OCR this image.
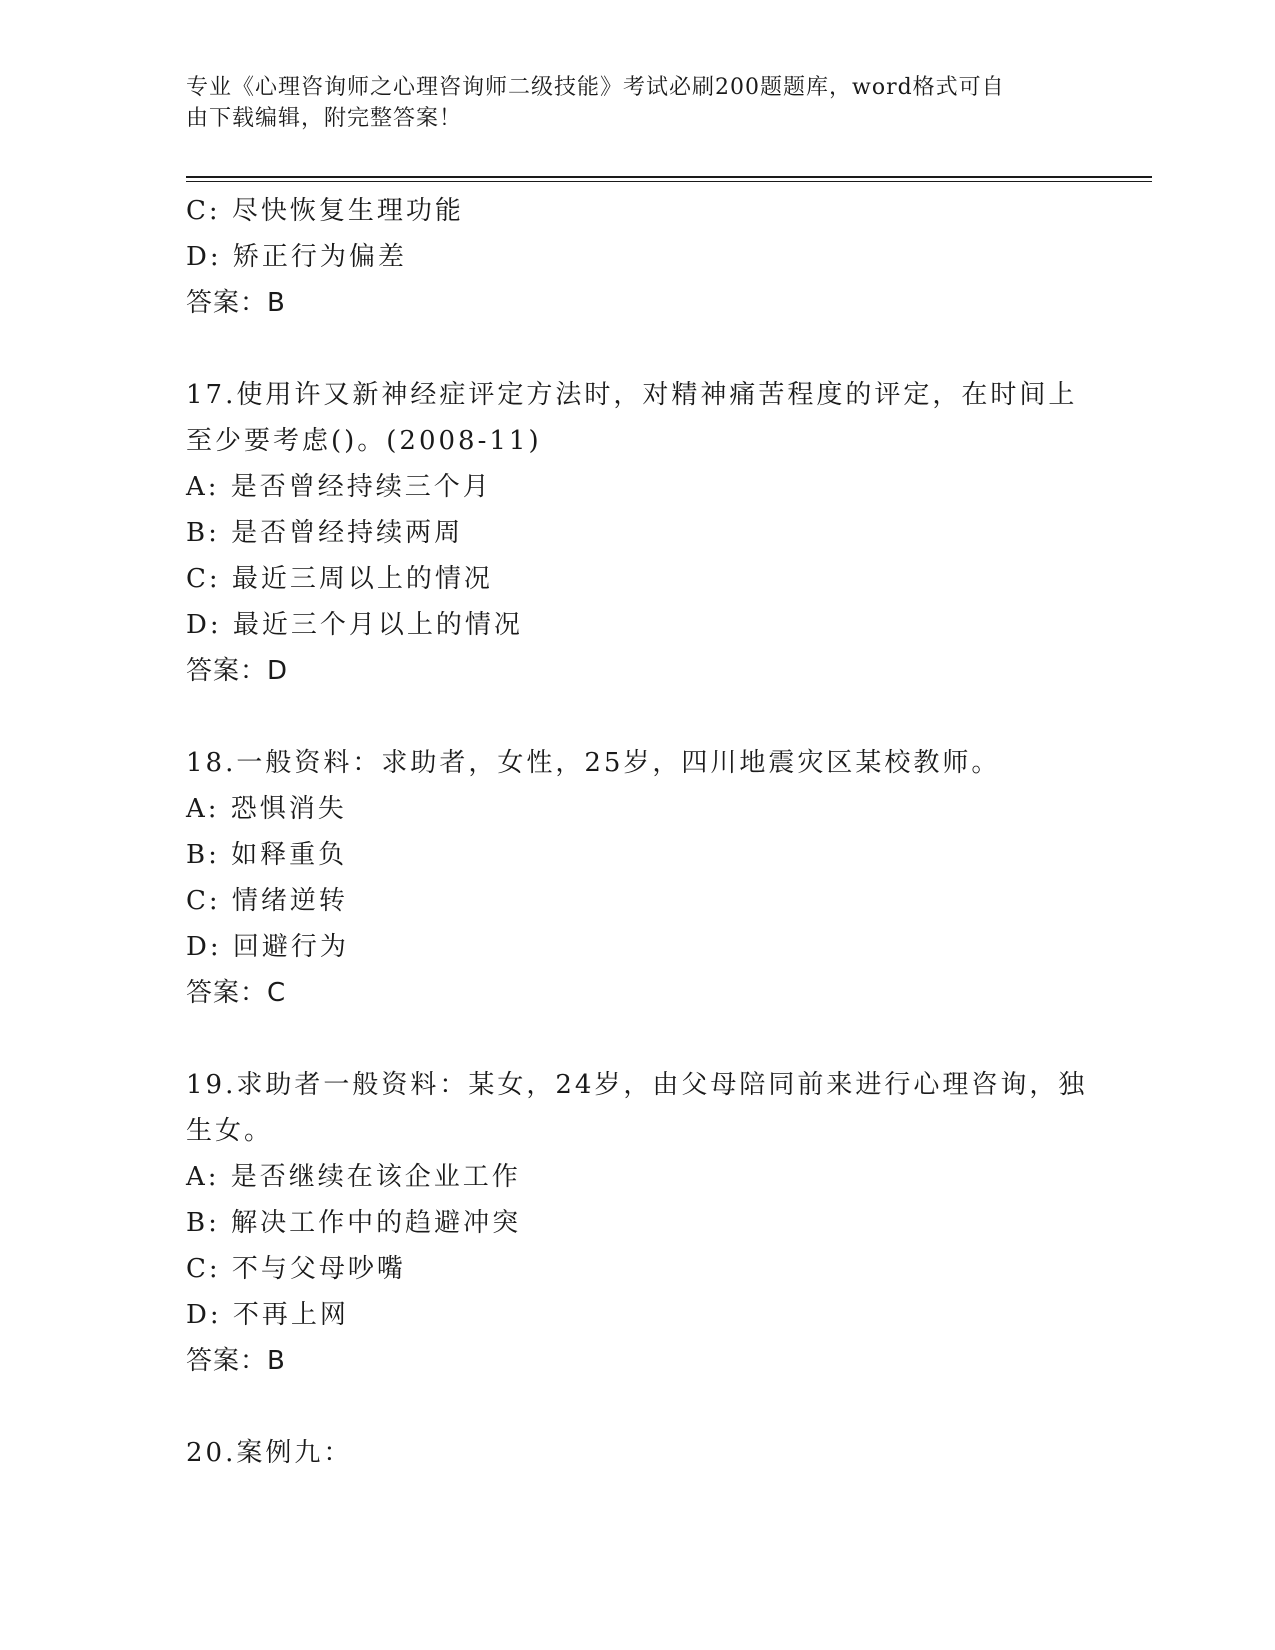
专业《心理咨询师之心理咨询师二级技能》考试必刷200题题库，word格式可自
由下载编辑，附完整答案！
C: 尽快恢复生理功能
D: 矫正行为偏差
答案：B
17.使用许又新神经症评定方法时，对精神痛苦程度的评定，在时间上
至少要考虑()。(2008-11)
A: 是否曾经持续三个月
B: 是否曾经持续两周
C: 最近三周以上的情况
D: 最近三个月以上的情况
答案：D
18.一般资料：求助者，女性，25岁，四川地震灾区某校教师。
A: 恐惧消失
B: 如释重负
C: 情绪逆转
D: 回避行为
答案：C
19.求助者一般资料：某女，24岁，由父母陪同前来进行心理咨询，独
生女。
A: 是否继续在该企业工作
B: 解决工作中的趋避冲突
C: 不与父母吵嘴
D: 不再上网
答案：B
20.案例九：
